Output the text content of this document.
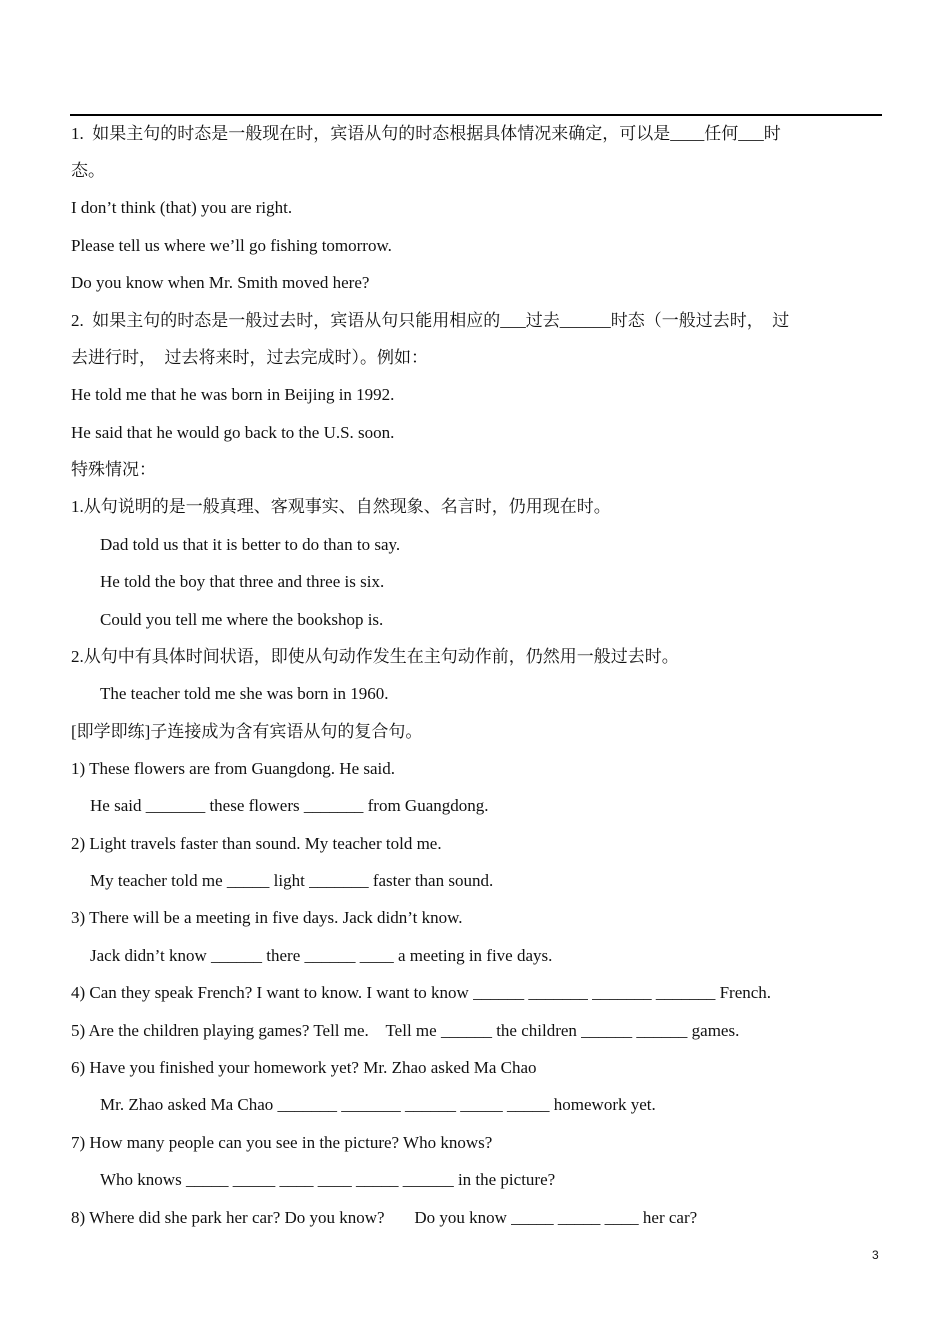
1.  如果主句的时态是一般现在时，宾语从句的时态根据具体情况来确定，可以是____任何___时
态。
I don’t think (that) you are right.
Please tell us where we’ll go fishing tomorrow.
Do you know when Mr. Smith moved here?
2.  如果主句的时态是一般过去时，宾语从句只能用相应的___过去______时态（一般过去时，  过
去进行时，  过去将来时，过去完成时）。例如：
He told me that he was born in Beijing in 1992.
He said that he would go back to the U.S. soon.
特殊情况：
1.从句说明的是一般真理、客观事实、自然现象、名言时，仍用现在时。
Dad told us that it is better to do than to say.
He told the boy that three and three is six.
Could you tell me where the bookshop is.
2.从句中有具体时间状语，即使从句动作发生在主句动作前，仍然用一般过去时。
The teacher told me she was born in 1960.
[即学即练]子连接成为含有宾语从句的复合句。
1) These flowers are from Guangdong. He said.
He said _______ these flowers _______ from Guangdong.
2) Light travels faster than sound. My teacher told me.
My teacher told me _____ light _______ faster than sound.
3) There will be a meeting in five days. Jack didn’t know.
Jack didn’t know ______ there ______ ____ a meeting in five days.
4) Can they speak French? I want to know. I want to know ______ _______ _______ _______ French.
5) Are the children playing games? Tell me.    Tell me ______ the children ______ ______ games.
6) Have you finished your homework yet? Mr. Zhao asked Ma Chao
Mr. Zhao asked Ma Chao _______ _______ ______ _____ _____ homework yet.
7) How many people can you see in the picture? Who knows?
Who knows _____ _____ ____ ____ _____ ______ in the picture?
8) Where did she park her car? Do you know?       Do you know _____ _____ ____ her car?
3
